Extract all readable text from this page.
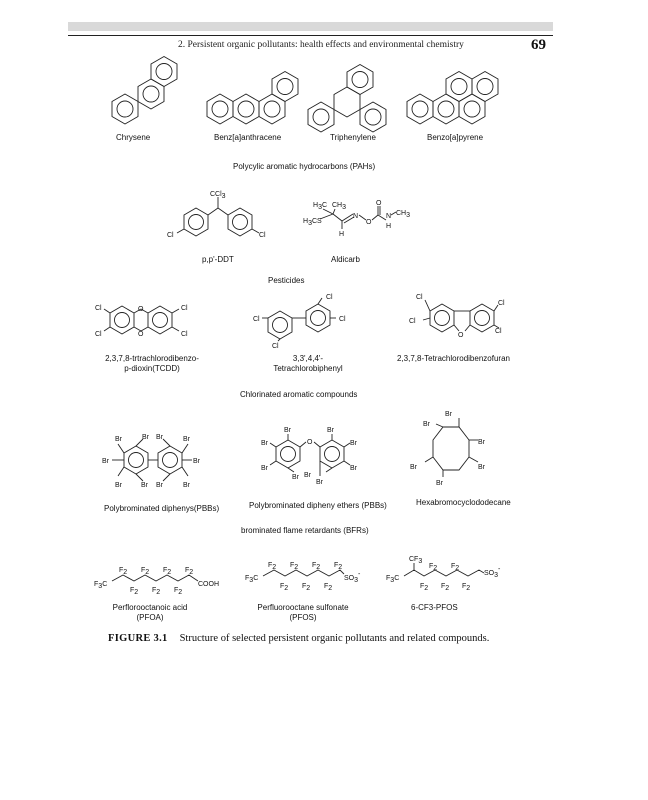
2. Persistent organic pollutants: health effects and environmental chemistry	69
CCl3
Cl	Cl
H3C CH3
H3CS
N
O
O
N
H
CH3
H
O
O
Cl
Cl
Cl
Cl
Cl
Cl
Cl
Cl
O
Cl
Cl
Cl
Cl
Br	Br Br	Br
Br	Br
Br	Br Br	Br
O
Br
Br
Br
Br
Br
Br
Br
Br
Br
Br
Br
Br
Br
Br
Br
F3C
F2 F2 F2 F2
F2 F2 F2
COOH
F3C
F2 F2 F2 F2
F2 F2 F2
SO3-
CF3
F3C
F2 F2
F2 F2 F2
SO3-
Chrysene	Benz[a]anthracene	Triphenylene	Benzo[a]pyrene
Polycylic aromatic hydrocarbons (PAHs)
p,p'-DDT	Aldicarb
Pesticides
2,3,7,8-trtrachlorodibenzo-
p-dioxin(TCDD)
3,3',4,4'-
Tetrachlorobiphenyl
2,3,7,8-Tetrachlorodibenzofuran
Chlorinated aromatic compounds
Polybrominated diphenys(PBBs)	Polybrominated dipheny ethers (PBBs)	Hexabromocyclododecane
brominated flame retardants (BFRs)
Perflorooctanoic acid
(PFOA)
Perfluorooctane sulfonate
(PFOS)
6-CF3-PFOS
FIGURE 3.1 Structure of selected persistent organic pollutants and related compounds.
